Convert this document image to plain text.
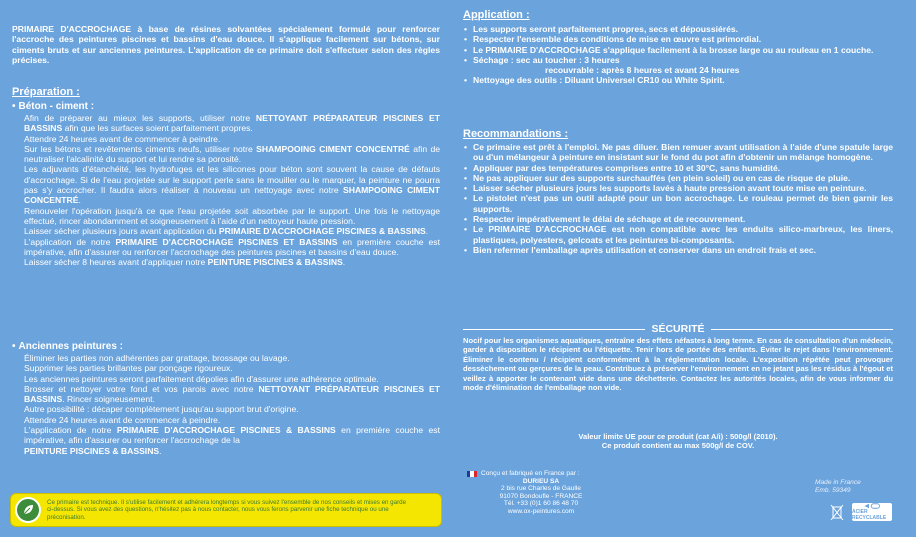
PRIMAIRE D'ACCROCHAGE à base de résines solvantées spécialement formulé pour renforcer l'accroche des peintures piscines et bassins d'eau douce. Il s'applique facilement sur bétons, sur ciments bruts et sur anciennes peintures. L'application de ce primaire doit s'effectuer selon des règles précises.
Préparation :
• Béton - ciment :

Afin de préparer au mieux les supports, utiliser notre NETTOYANT PRÉPARATEUR PISCINES ET BASSINS afin que les surfaces soient parfaitement propres.

Attendre 24 heures avant de commencer à peindre.

Sur les bétons et revêtements ciments neufs, utiliser notre SHAMPOOING CIMENT CONCENTRÉ afin de neutraliser l'alcalinité du support et lui rendre sa porosité.

Les adjuvants d'étanchéité, les hydrofuges et les silicones pour béton sont souvent la cause de défauts d'accrochage. Si de l'eau projetée sur le support perle sans le mouiller ou le marquer, la peinture ne pourra pas s'y accrocher. Il faudra alors réaliser à nouveau un nettoyage avec notre SHAMPOOING CIMENT CONCENTRÉ.

Renouveler l'opération jusqu'à ce que l'eau projetée soit absorbée par le support. Une fois le nettoyage effectué, rincer abondamment et soigneusement à l'aide d'un nettoyeur haute pression.

Laisser sécher plusieurs jours avant application du PRIMAIRE D'ACCROCHAGE PISCINES & BASSINS.

L'application de notre PRIMAIRE D'ACCROCHAGE PISCINES ET BASSINS en première couche est impérative, afin d'assurer ou renforcer l'accrochage des peintures piscines et bassins d'eau douce.

Laisser sécher 8 heures avant d'appliquer notre PEINTURE PISCINES & BASSINS.

• Anciennes peintures :

Éliminer les parties non adhérentes par grattage, brossage ou lavage.

Supprimer les parties brillantes par ponçage rigoureux.

Les anciennes peintures seront parfaitement dépolies afin d'assurer une adhérence optimale.

Brosser et nettoyer votre fond et vos parois avec notre NETTOYANT PRÉPARATEUR PISCINES ET BASSINS. Rincer soigneusement.

Autre possibilité : décaper complètement jusqu'au support brut d'origine.

Attendre 24 heures avant de commencer à peindre.

L'application de notre PRIMAIRE D'ACCROCHAGE PISCINES & BASSINS en première couche est impérative, afin d'assurer ou renforcer l'accrochage de la

PEINTURE PISCINES & BASSINS.

Ce primaire est technique. Il s'utilise facilement et adhérera longtemps si vous suivez l'ensemble de nos conseils et mises en garde
ci-dessus. Si vous avez des questions, n'hésitez pas à nous contacter, nous vous ferons parvenir une fiche technique ou une
préconisation.
Application :
• Les supports seront parfaitement propres, secs et dépoussiérés.
• Respecter l'ensemble des conditions de mise en œuvre est primordial.
• Le PRIMAIRE D'ACCROCHAGE s'applique facilement à la brosse large ou au rouleau en 1 couche.
• Séchage : sec au toucher : 3 heures
recouvrable : après 8 heures et avant 24 heures
• Nettoyage des outils : Diluant Universel CR10 ou White Spirit.
Recommandations :
• Ce primaire est prêt à l'emploi. Ne pas diluer. Bien remuer avant utilisation à l'aide d'une spatule large ou d'un mélangeur à peinture en insistant sur le fond du pot afin d'obtenir un mélange homogène.
• Appliquer par des températures comprises entre 10 et 30°C, sans humidité.
• Ne pas appliquer sur des supports surchauffés (en plein soleil) ou en cas de risque de pluie.
• Laisser sécher plusieurs jours les supports lavés à haute pression avant toute mise en peinture.
• Le pistolet n'est pas un outil adapté pour un bon accrochage. Le rouleau permet de bien garnir les supports.
• Respecter impérativement le délai de séchage et de recouvrement.
• Le PRIMAIRE D'ACCROCHAGE est non compatible avec les enduits silico-marbreux, les liners, plastiques, polyesters, gelcoats et les peintures bi-composants.
• Bien refermer l'emballage après utilisation et conserver dans un endroit frais et sec.
SÉCURITÉ
Nocif pour les organismes aquatiques, entraîne des effets néfastes à long terme. En cas de consultation d'un médecin, garder à disposition le récipient ou l'étiquette. Tenir hors de portée des enfants. Éviter le rejet dans l'environnement. Éliminer le contenu / récipient conformément à la réglementation locale. L'exposition répétée peut provoquer dessèchement ou gerçures de la peau. Contribuez à préserver l'environnement en ne jetant pas les résidus à l'égout et veillez à apporter le contenant vide dans une déchetterie. Contactez les autorités locales, afin de vous informer du mode d'élimination de l'emballage non vide.
Valeur limite UE pour ce produit (cat A/i) : 500g/l (2010).
Ce produit contient au max 500g/l de COV.
Conçu et fabriqué en France par :
DURIEU SA
2 bis rue Charles de Gaulle
91070 Bondoufle - FRANCE
Tél. +33 (0)1 60 86 48 70
www.ox-peintures.com
Made in France
Emb. 59349
ACIER RECYCLABLE
